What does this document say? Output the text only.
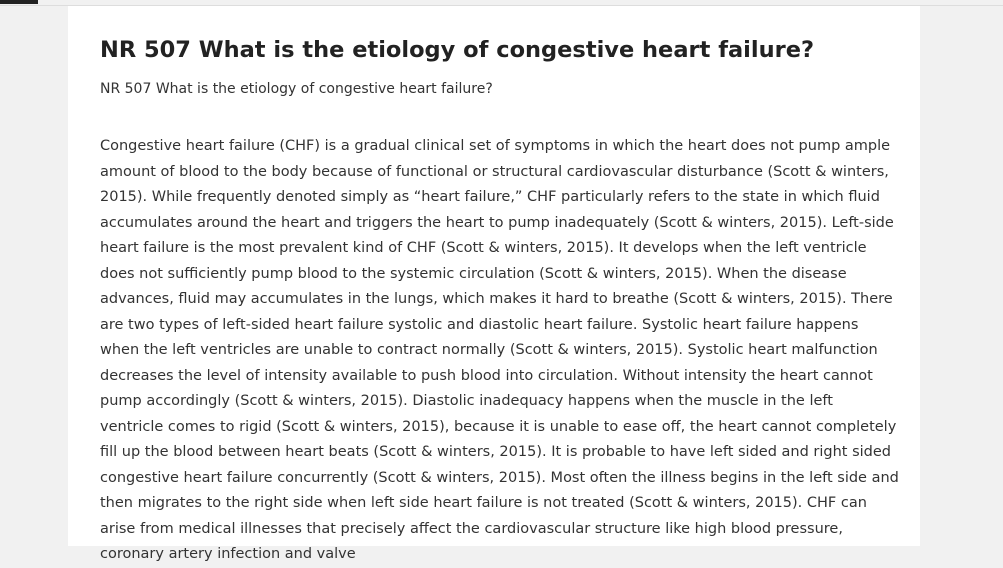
NR 507 What is the etiology of congestive heart failure?

NR 507 What is the etiology of congestive heart failure?

Congestive heart failure (CHF) is a gradual clinical set of symptoms in which the heart does not pump ample amount of blood to the body because of functional or structural cardiovascular disturbance (Scott & winters, 2015). While frequently denoted simply as “heart failure,” CHF particularly refers to the state in which fluid accumulates around the heart and triggers the heart to pump inadequately (Scott & winters, 2015). Left-side heart failure is the most prevalent kind of CHF (Scott & winters, 2015). It develops when the left ventricle does not sufficiently pump blood to the systemic circulation (Scott & winters, 2015). When the disease advances, fluid may accumulates in the lungs, which makes it hard to breathe (Scott & winters, 2015). There are two types of left-sided heart failure systolic and diastolic heart failure. Systolic heart failure happens when the left ventricles are unable to contract normally (Scott & winters, 2015). Systolic heart malfunction decreases the level of intensity available to push blood into circulation. Without intensity the heart cannot pump accordingly (Scott & winters, 2015). Diastolic inadequacy happens when the muscle in the left ventricle comes to rigid (Scott & winters, 2015), because it is unable to ease off, the heart cannot completely fill up the blood between heart beats (Scott & winters, 2015). It is probable to have left sided and right sided congestive heart failure concurrently (Scott & winters, 2015). Most often the illness begins in the left side and then migrates to the right side when left side heart failure is not treated (Scott & winters, 2015). CHF can arise from medical illnesses that precisely affect the cardiovascular structure like high blood pressure, coronary artery infection and valve
